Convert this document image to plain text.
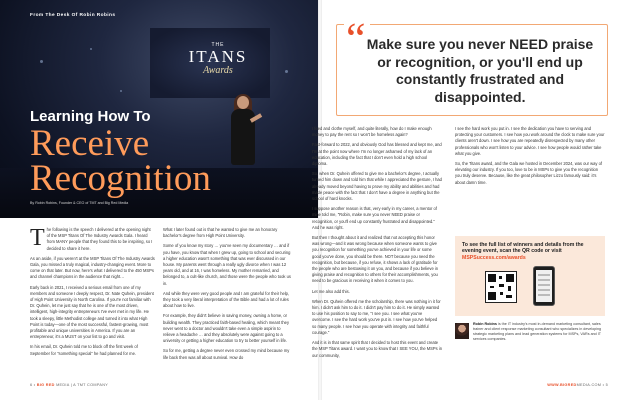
THE
ITANS
Awards
From The Desk Of Robin Robins
Learning How To
Receive
Recognition
By Robin Robins, Founder & CEO of TMT and Big Red Media

The following is the speech I delivered at the opening night of the MSP Titans Of The Industry Awards Gala. I heard from MANY people that they found this to be inspiring, so I decided to share it here.

As an aside, if you weren't at the MSP Titans Of The Industry Awards Gala, you missed a truly magical, industry-changing event. More to come on that later. But now, here's what I delivered to the 450 MSPs and channel champions in the audience that night…

Early back in 2021, I received a serious email from one of my members and someone I deeply respect, Dr. Nate Quhein, president of High Point University in North Carolina. If you're not familiar with Dr. Quhein, let me just say that he is one of the most driven, intelligent, high-integrity entrepreneurs I've ever met in my life. He took a sleepy, little Methodist college and turned it into what High Point is today—one of the most successful, fastest-growing, most profitable and unique universities in America. If you are an entrepreneur, it's a MUST on your list to go and visit.

In his email, Dr. Quhein told me to block off the first week of September for "something special" he had planned for me.

What I later found out is that he wanted to give me an honorary bachelor's degree from High Point University.

Some of you know my story … you've seen my documentary … and if you have, you know that when I grew up, going to school and securing a higher education wasn't something that was ever discussed in our house. My parents went through a really ugly divorce when I was 12 years old, and at 16, I was homeless. My mother remarried, and belonged to, a cult-like church, and those were the people who took us in.

And while they were very good people and I am grateful for their help, they took a very literal interpretation of the Bible and had a lot of rules about how to live.

For example, they didn't believe in saving money, owning a home, or building wealth. They practiced faith-based healing, which meant they never went to a doctor and wouldn't take even a simple aspirin to relieve a headache … and they absolutely were against going to a university or getting a higher education to try to better yourself in life.

So for me, getting a degree never even crossed my mind because my life back then was all about survival. How do

6 • BIG RED MEDIA | A TMT COMPANY
“ Make sure you never NEED praise or recognition, or you'll end up constantly frustrated and disappointed.

I feed and clothe myself, and quite literally, how do I make enough money to pay the rent so I won't be homeless again?

Fast-forward to 2022, and obviously God has blessed and kept me, and I'm at the point now where I'm no longer ashamed of my lack of an education, including the fact that I don't even hold a high school diploma.

So, when Dr. Quhein offered to give me a bachelor's degree, I actually turned him down and told him that while I appreciated the gesture, I had already moved beyond having to prove my ability and abilities and had made peace with the fact that I don't have a degree in anything but the school of hard knocks.

I suppose another reason is that, very early in my career, a mentor of mine told me, "Robin, make sure you never NEED praise or recognition, or you'll end up constantly frustrated and disappointed." And he was right.

But then I thought about it and realized that not accepting this honor was wrong—and it was wrong because when someone wants to give you recognition for something you've achieved in your life or some good you've done, you should be there. NOT because you need the recognition, but because, if you refuse, it shows a lack of gratitude for the people who are bestowing it on you, and because if you believe in giving praise and recognition to others for their accomplishments, you need to be gracious in receiving it when it comes to you.

Let me also add this.

When Dr. Quhein offered me the scholarship, there was nothing in it for him. I didn't ask him to do it. I didn't pay him to do it. He simply wanted to use his position to say to me, "I see you. I see what you've overcome. I see the hard work you've put in. I see how you've helped so many people. I see how you operate with integrity and faithful courage."

And it is in that same spirit that I decided to host this event and create the MSP Titans award. I want you to know that I SEE YOU, the MSPs in our community,

I see the hard work you put in. I see the dedication you have to serving and protecting your customers. I see how you work around the clock to make sure your clients aren't down. I see how you are repeatedly disrespected by many other professionals who won't listen to your advice. I see how people would rather take what you give.

So, the Titans award, and the Gala we hosted in December 2024, was our way of elevating our industry. If you too, love to be in MSPs to give you the recognition you truly deserve. Because, like the great philosopher Lizzo famously said: it's about damn time.

To see the full list of winners and details from the evening event, scan the QR code or visit MSPSuccess.com/awards
Robin Robins is the IT industry's most in-demand marketing consultant, sales trainer and client response marketing consultant who specializes in developing strategic marketing plans and lead generation systems for MSPs, VARs and IT services companies.
WWW.BIGREDMEDIA.COM • 5
